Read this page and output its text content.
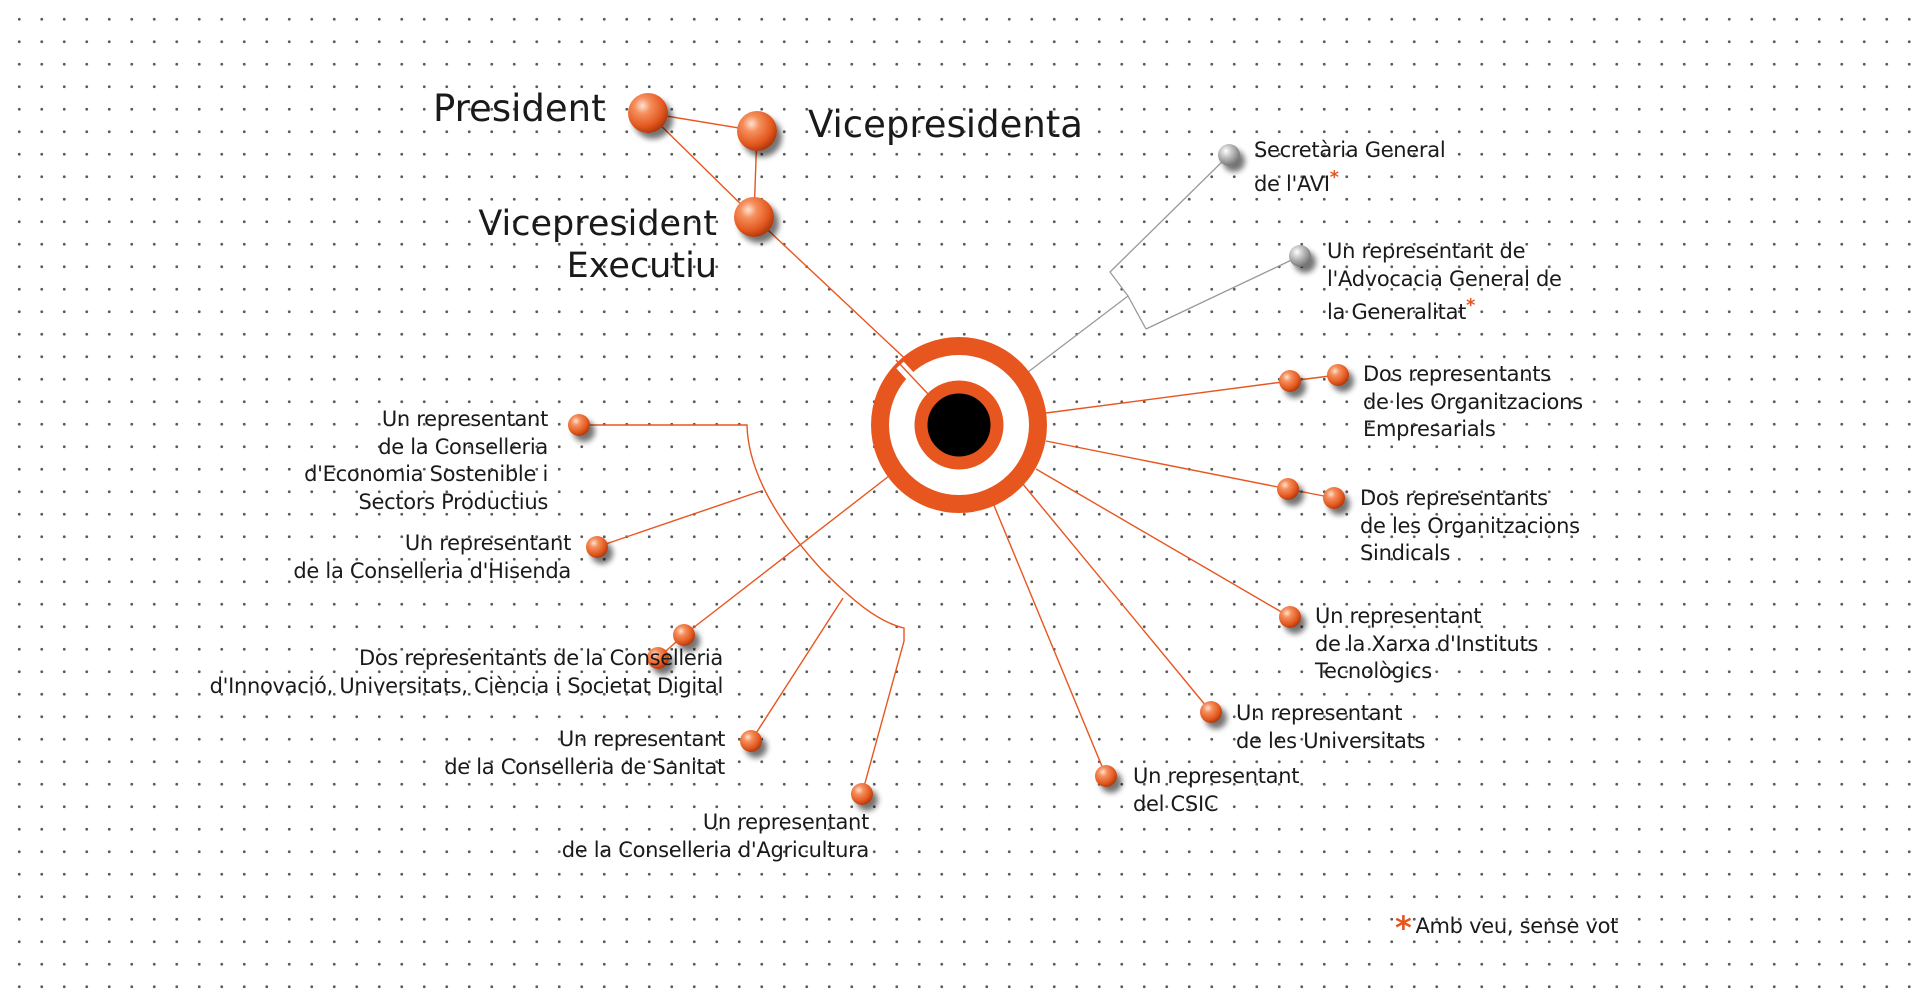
President	Vicepresidenta
Vicepresident
Executiu
Secretària General
de l'AVI*
Un representant de
l'Advocacia General de
la Generalitat*
Dos representants
de les Organitzacions
Empresarials
Dos representants
de les Organitzacions
Sindicals
Un representant
de la Xarxa d'Instituts
Tecnològics
Un representant
de les Universitats
Un representant
del CSIC
Un representant
de la Conselleria
d'Economia Sostenible i
Sectors Productius
Un representant
de la Conselleria d'Hisenda
Dos representants de la Conselleria
d'Innovació, Universitats, Ciència i Societat Digital
Un representant
de la Conselleria de Sanitat
Un representant
de la Conselleria d'Agricultura
* Amb veu, sense vot
